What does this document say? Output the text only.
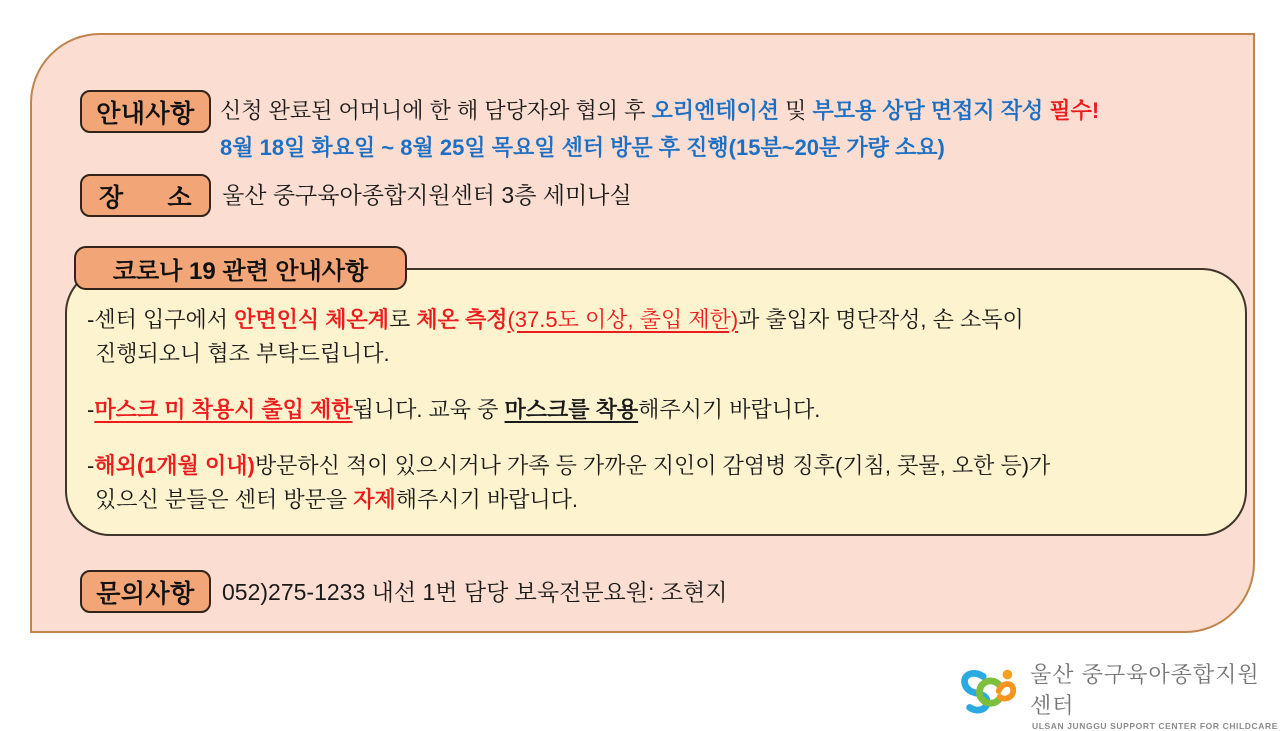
안내사항	신청 완료된 어머니에 한 해 담당자와 협의 후 오리엔테이션 및 부모용 상담 면접지 작성 필수!
8월 18일 화요일 ~ 8월 25일 목요일 센터 방문 후 진행(15분~20분 가량 소요)
장 소 울산 중구육아종합지원센터 3층 세미나실
코로나 19 관련 안내사항
-센터 입구에서 안면인식 체온계로 체온 측정(37.5도 이상, 출입 제한)과 출입자 명단작성, 손 소독이
진행되오니 협조 부탁드립니다.
-마스크 미 착용시 출입 제한됩니다. 교육 중 마스크를 착용해주시기 바랍니다.
-해외(1개월 이내)방문하신 적이 있으시거나 가족 등 가까운 지인이 감염병 징후(기침, 콧물, 오한 등)가
있으신 분들은 센터 방문을 자제해주시기 바랍니다.
문의사항	052)275-1233 내선 1번 담당 보육전문요원: 조현지
울산 중구육아종합지원센터
ULSAN JUNGGU SUPPORT CENTER FOR CHILDCARE
